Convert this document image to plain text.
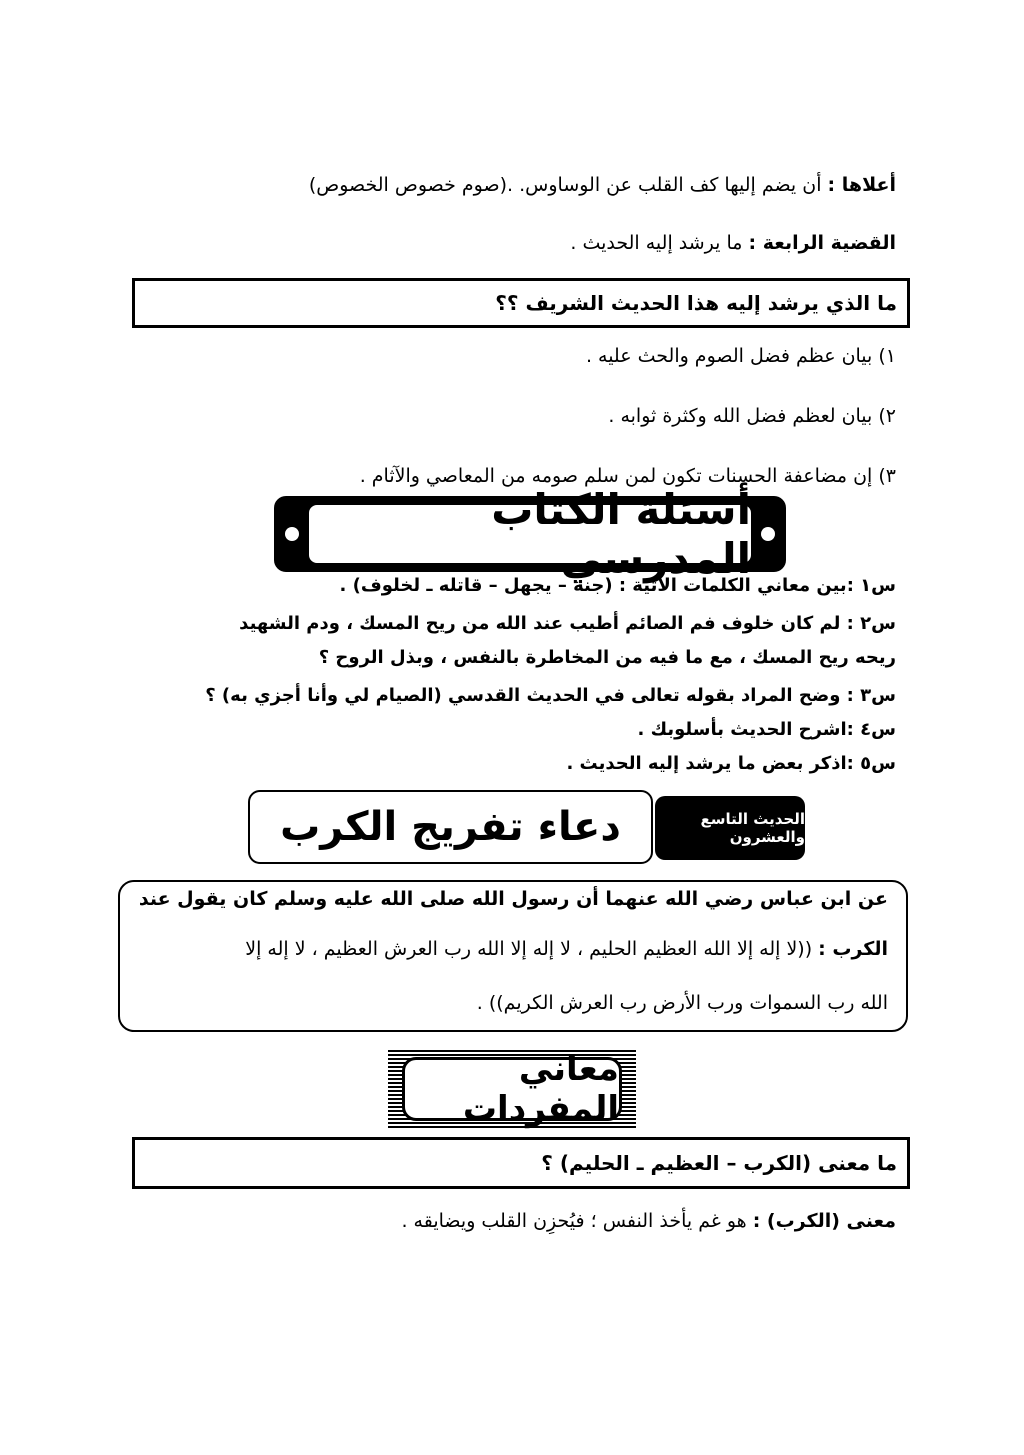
أعلاها : أن يضم إليها كف القلب عن الوساوس. .(صوم خصوص الخصوص)
القضية الرابعة : ما يرشد إليه الحديث .
ما الذي يرشد إليه هذا الحديث الشريف ؟؟
١) بيان عظم فضل الصوم والحث عليه .
٢) بيان لعظم فضل الله وكثرة ثوابه .
٣) إن مضاعفة الحسنات تكون لمن سلم صومه من المعاصي والآثام .
أسئلة الكتاب المدرسي
س١ :بين معاني الكلمات الآتية : (جنة – يجهل – قاتله ـ لخلوف) .
س٢ : لم كان خلوف فم الصائم أطيب عند الله من ريح المسك ، ودم الشهيد
ريحه ريح المسك ، مع ما فيه من المخاطرة بالنفس ، وبذل الروح ؟
س٣ : وضح المراد بقوله تعالى في الحديث القدسي (الصيام لي وأنا أجزي به) ؟
س٤ :اشرح الحديث بأسلوبك .
س٥ :اذكر بعض ما يرشد إليه الحديث .
الحديث التاسع والعشرون
دعاء تفريج الكرب
عن ابن عباس رضي الله عنهما أن رسول الله صلى الله عليه وسلم كان يقول عند
الكرب : ((لا إله إلا الله العظيم الحليم ، لا إله إلا الله رب العرش العظيم ، لا إله إلا
الله رب السموات ورب الأرض رب العرش الكريم)) .
معاني المفردات
ما معنى (الكرب – العظيم ـ الحليم) ؟
معنى (الكرب) : هو غم يأخذ النفس ؛ فيُحزِن القلب ويضايقه .
